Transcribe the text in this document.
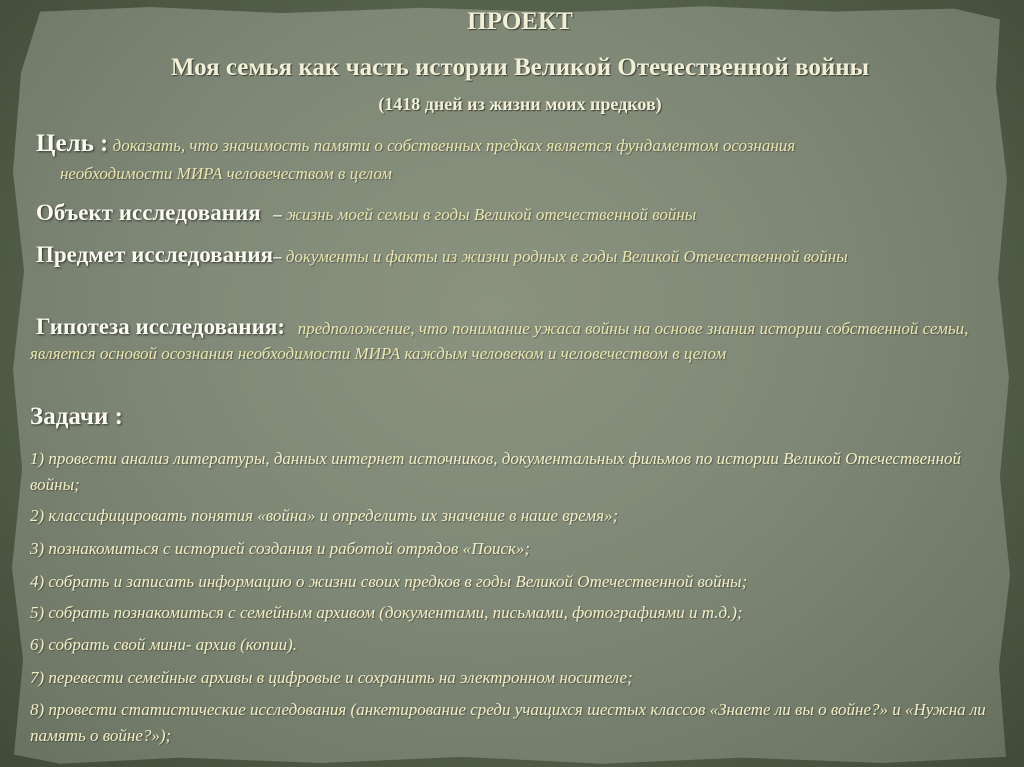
ПРОЕКТ
Моя семья как часть истории Великой Отечественной войны
(1418 дней из жизни моих предков)
Цель : доказать, что значимость памяти о собственных предках является фундаментом осознания
необходимости МИРА человечеством в целом
Объект исследования – жизнь моей семьи в годы Великой отечественной войны
Предмет исследования– документы и факты из жизни родных в годы Великой Отечественной войны
Гипотеза исследования: предположение, что понимание ужаса войны на основе знания истории собственной семьи, является основой осознания необходимости МИРА каждым человеком и человечеством в целом
Задачи :
1) провести анализ литературы, данных интернет источников, документальных фильмов по истории Великой Отечественной войны;
2) классифицировать понятия «война» и определить их значение в наше время»;
3) познакомиться с историей создания и работой отрядов «Поиск»;
4) собрать и записать информацию о жизни своих предков в годы Великой Отечественной войны;
5) собрать познакомиться с семейным архивом (документами, письмами, фотографиями и т.д.);
6) собрать свой мини- архив (копии).
7) перевести семейные архивы в цифровые и сохранить на электронном носителе;
8) провести статистические исследования (анкетирование среди учащихся шестых классов «Знаете ли вы о войне?» и «Нужна ли память о войне?»);
